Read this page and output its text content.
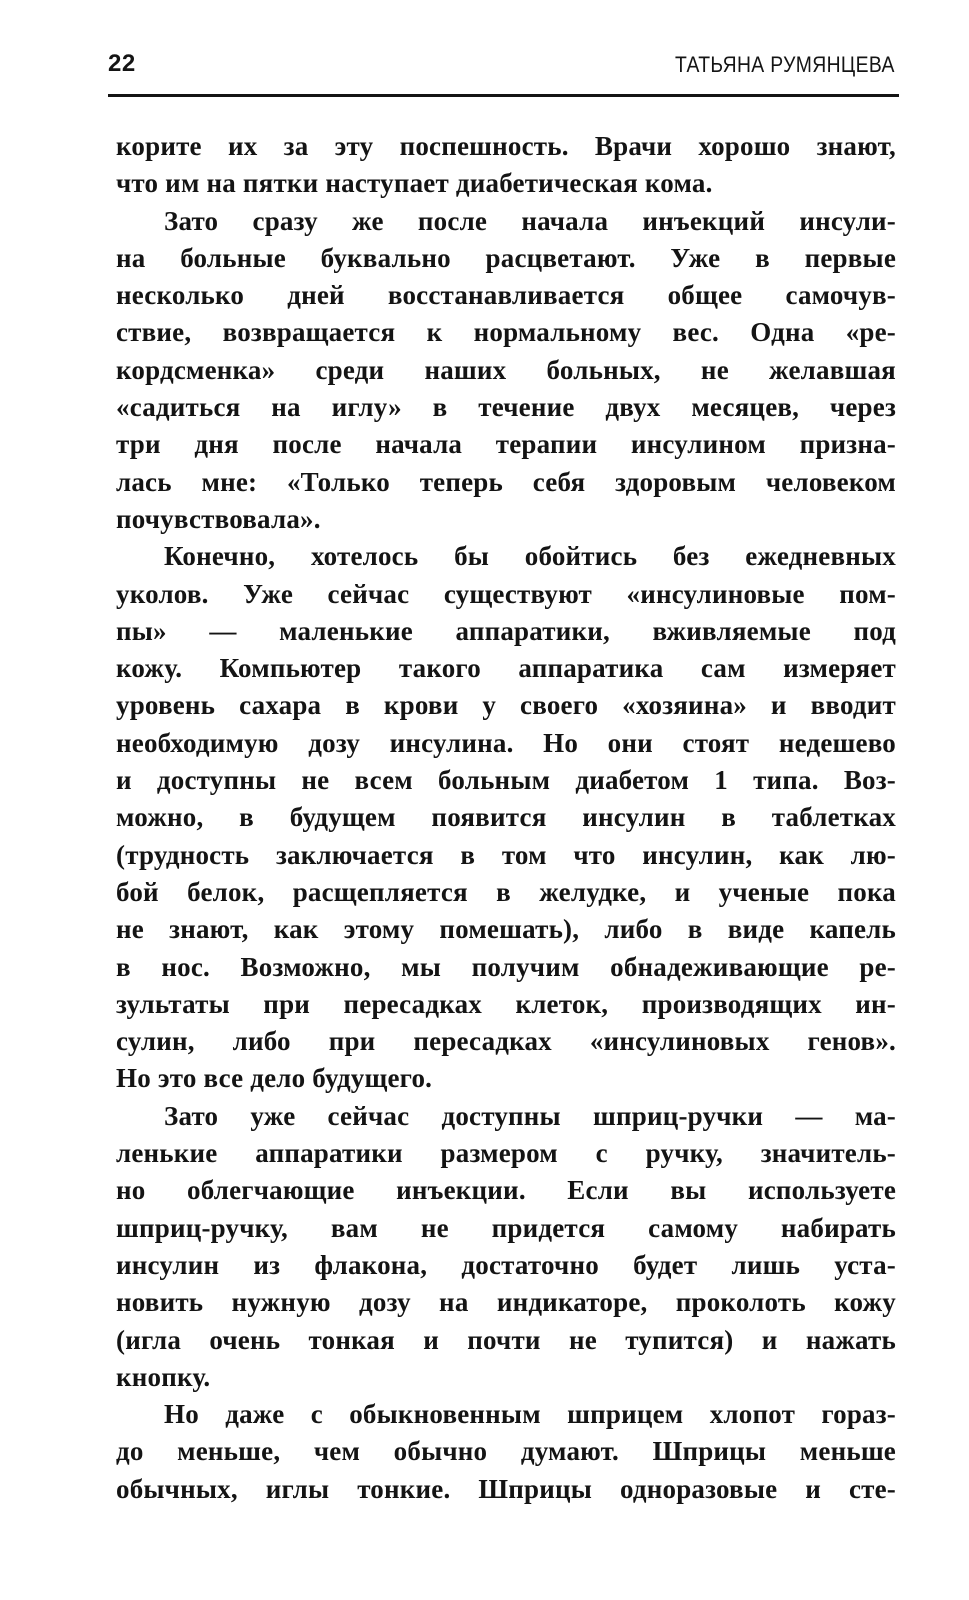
22	ТАТЬЯНА РУМЯНЦЕВА
корите их за эту поспешность. Врачи хорошо знают,
что им на пятки наступает диабетическая кома.
Зато сразу же после начала инъекций инсули-
на больные буквально расцветают. Уже в первые
несколько дней восстанавливается общее самочув-
ствие, возвращается к нормальному вес. Одна «ре-
кордсменка» среди наших больных, не желавшая
«садиться на иглу» в течение двух месяцев, через
три дня после начала терапии инсулином призна-
лась мне: «Только теперь себя здоровым человеком
почувствовала».
Конечно, хотелось бы обойтись без ежедневных
уколов. Уже сейчас существуют «инсулиновые пом-
пы» — маленькие аппаратики, вживляемые под
кожу. Компьютер такого аппаратика сам измеряет
уровень сахара в крови у своего «хозяина» и вводит
необходимую дозу инсулина. Но они стоят недешево
и доступны не всем больным диабетом 1 типа. Воз-
можно, в будущем появится инсулин в таблетках
(трудность заключается в том что инсулин, как лю-
бой белок, расщепляется в желудке, и ученые пока
не знают, как этому помешать), либо в виде капель
в нос. Возможно, мы получим обнадеживающие ре-
зультаты при пересадках клеток, производящих ин-
сулин, либо при пересадках «инсулиновых генов».
Но это все дело будущего.
Зато уже сейчас доступны шприц-ручки — ма-
ленькие аппаратики размером с ручку, значитель-
но облегчающие инъекции. Если вы используете
шприц-ручку, вам не придется самому набирать
инсулин из флакона, достаточно будет лишь уста-
новить нужную дозу на индикаторе, проколоть кожу
(игла очень тонкая и почти не тупится) и нажать
кнопку.
Но даже с обыкновенным шприцем хлопот гораз-
до меньше, чем обычно думают. Шприцы меньше
обычных, иглы тонкие. Шприцы одноразовые и сте-
